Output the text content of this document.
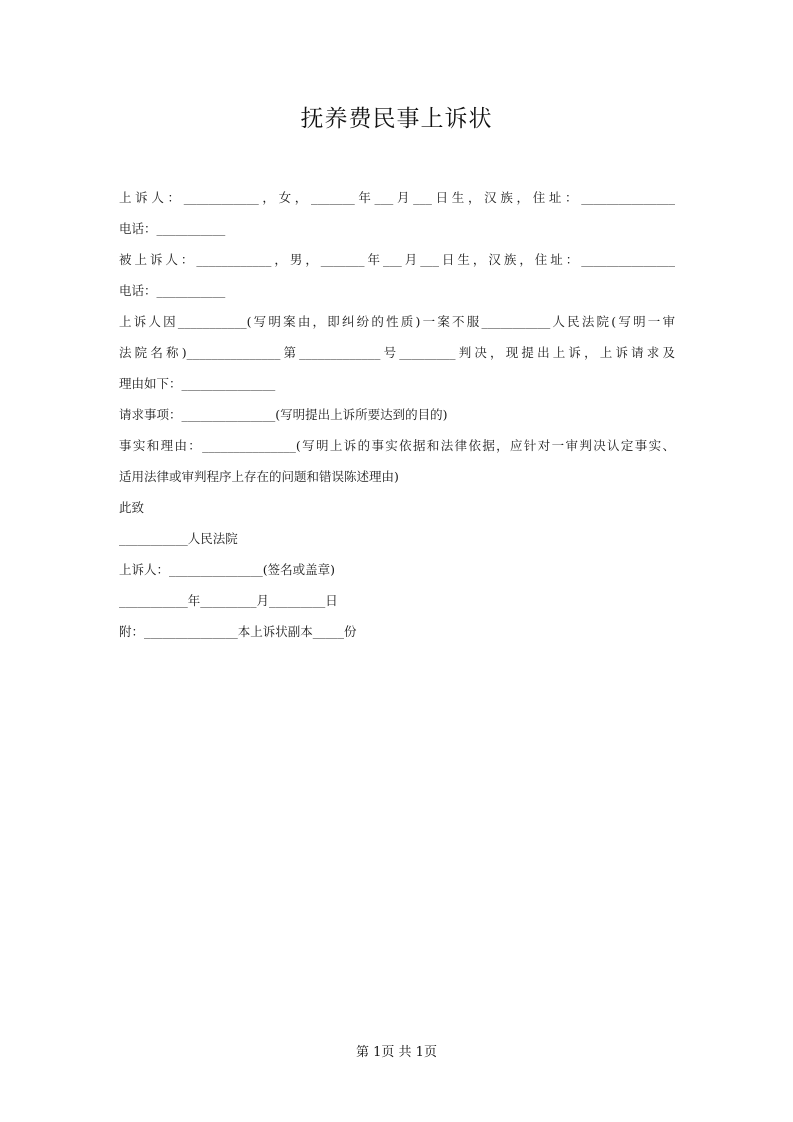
抚养费民事上诉状
上诉人：____________，女，_______年___月___日生，汉族，住址：_______________
电话：___________
被上诉人：____________，男，_______年___月___日生，汉族，住址：_______________
电话：___________
上诉人因___________(写明案由，即纠纷的性质)一案不服___________人民法院(写明一审
法院名称)_______________第_____________号_________判决，现提出上诉，上诉请求及
理由如下：_______________
请求事项：_______________(写明提出上诉所要达到的目的)
事实和理由：_______________(写明上诉的事实依据和法律依据，应针对一审判决认定事实、
适用法律或审判程序上存在的问题和错误陈述理由)
此致
___________人民法院
上诉人：_______________(签名或盖章)
___________年_________月_________日
附：_______________本上诉状副本_____份
第 1页 共 1页
